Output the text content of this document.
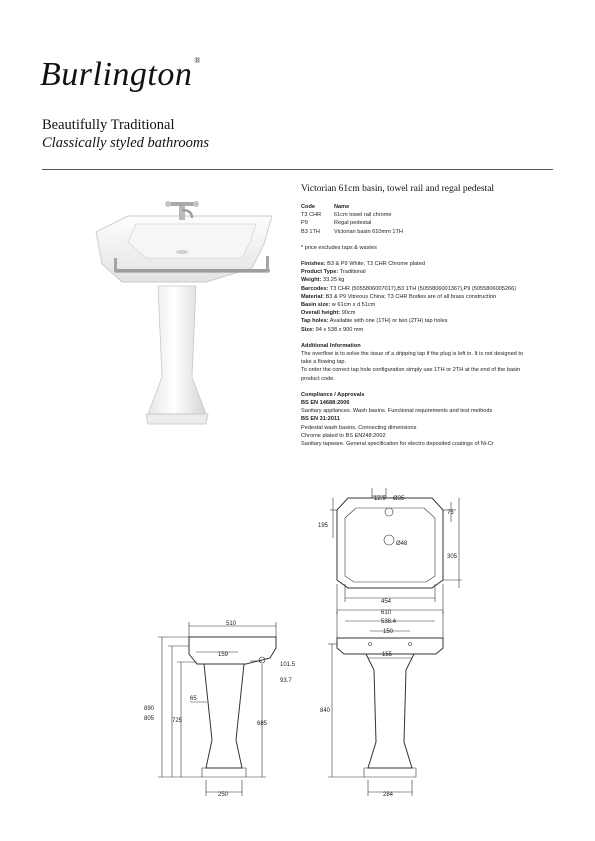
Burlington ®
Beautifully Traditional
Classically styled bathrooms
Victorian 61cm basin, towel rail and regal pedestal
Code	Name
T3 CHR	61cm towel rail chrome
P9	Regal pedestal
B3 1TH	Victorian basin 610mm 1TH
* price excludes taps & wastes
Finishes: B3 & P9 White; T3 CHR Chrome plated
Product Type: Traditional
Weight: 33.25 kg
Barcodes: T3 CHR (5055806007017),B3 1TH (5055806001367),P9 (5055806005266)
Material: B3 & P9 Vitreous China; T3 CHR Bodies are of all brass construction
Basin size: w 61cm x d 51cm
Overall height: 90cm
Tap holes: Available with one (1TH) or two (2TH) tap holes
Size: 94 x 538 x 900 mm
Additional Information
The overflow is to solve the issue of a dripping tap if the plug is left in. It is not designed to
take a flowing tap.
To order the correct tap hole configuration simply use 1TH or 2TH at the end of the basin
product code.
Compliance / Approvals
BS EN 14688:2006
Sanitary appliances. Wash basins. Functional requirements and test methods
BS EN 31:2011
Pedestal wash basins. Connecting dimensions
Chrome plated to BS EN248:2002
Sanitary tapware. General specification for electro deposited coatings of Ni-Cr
12.5 Ø35
75
195
Ø48
305
454
610
510
159
101.5
93.7
65
890
805	725	685
250
538.4
150
155
840
284
